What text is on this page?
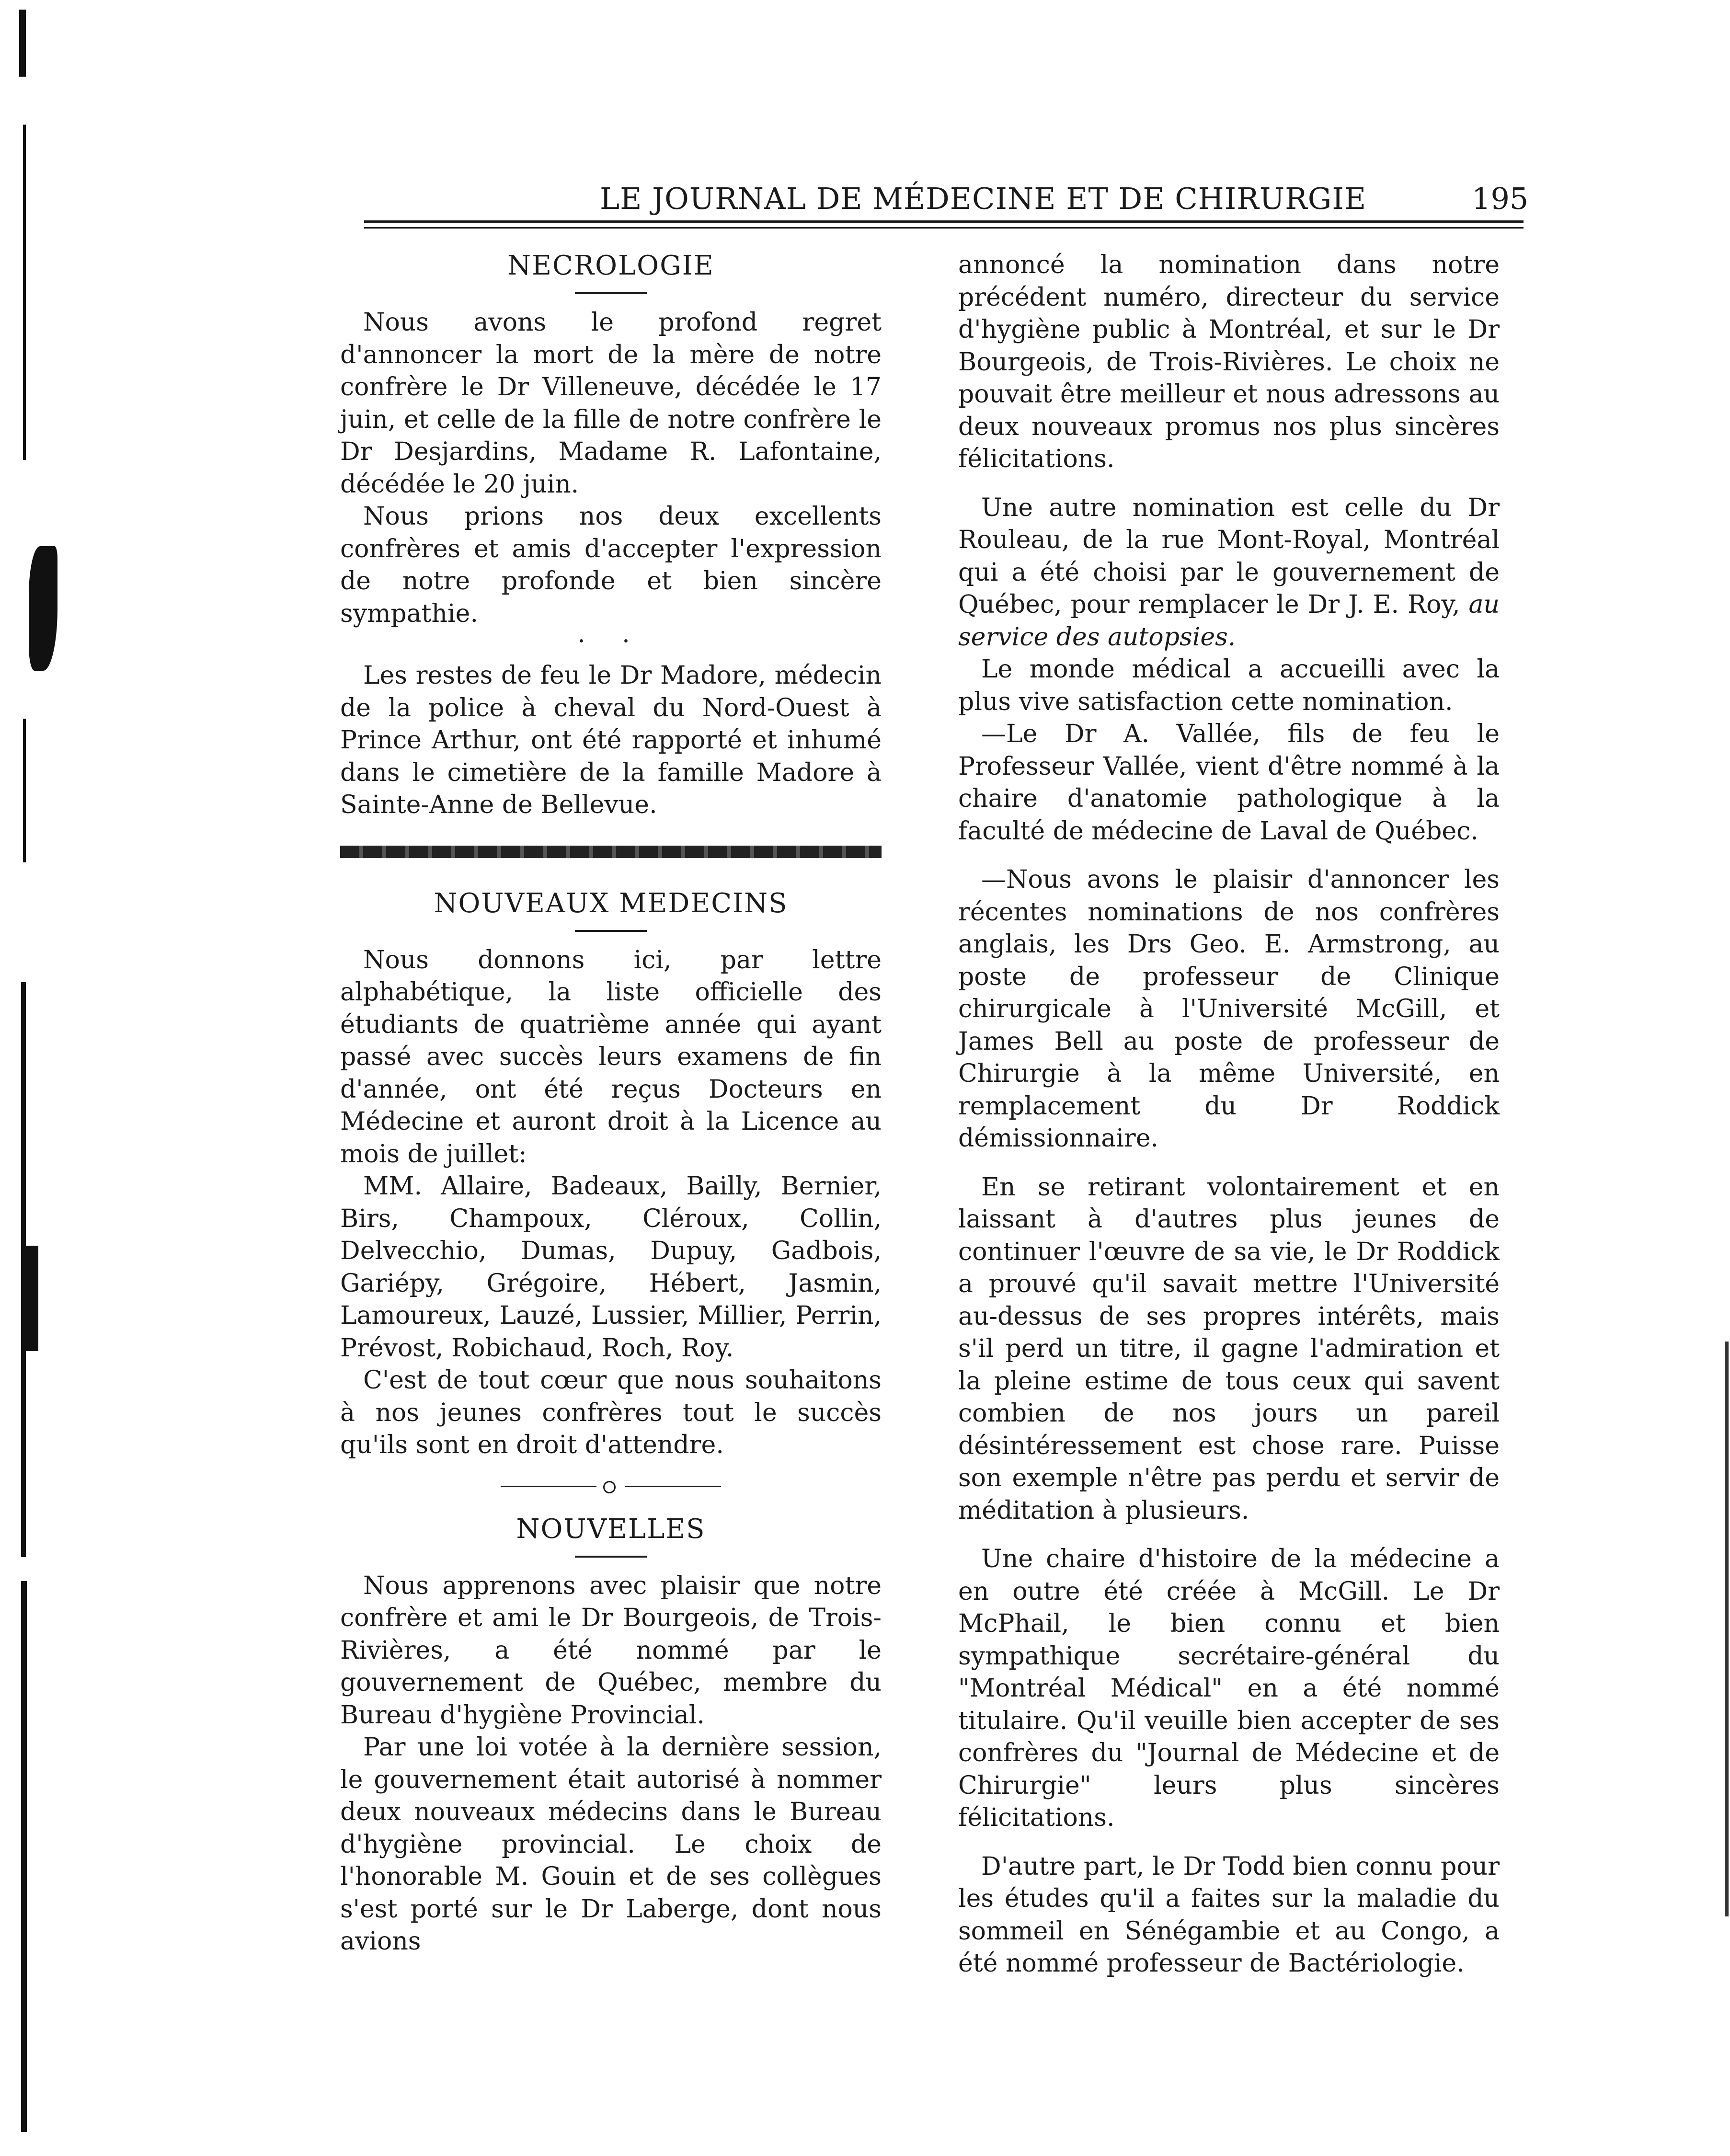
LE JOURNAL DE MÉDECINE ET DE CHIRURGIE	195

NECROLOGIE

Nous avons le profond regret d'annoncer la mort de la mère de notre confrère le Dr Villeneuve, décédée le 17 juin, et celle de la fille de notre confrère le Dr Desjardins, Madame R. Lafontaine, décédée le 20 juin.

Nous prions nos deux excellents confrères et amis d'accepter l'expression de notre profonde et bien sincère sympathie.

· ·

Les restes de feu le Dr Madore, médecin de la police à cheval du Nord-Ouest à Prince Arthur, ont été rapporté et inhumé dans le cimetière de la famille Madore à Sainte-Anne de Bellevue.

NOUVEAUX MEDECINS

Nous donnons ici, par lettre alphabétique, la liste officielle des étudiants de quatrième année qui ayant passé avec succès leurs examens de fin d'année, ont été reçus Docteurs en Médecine et auront droit à la Licence au mois de juillet:

MM. Allaire, Badeaux, Bailly, Bernier, Birs, Champoux, Cléroux, Collin, Delvecchio, Dumas, Dupuy, Gadbois, Gariépy, Grégoire, Hébert, Jasmin, Lamoureux, Lauzé, Lussier, Millier, Perrin, Prévost, Robichaud, Roch, Roy.

C'est de tout cœur que nous souhaitons à nos jeunes confrères tout le succès qu'ils sont en droit d'attendre.

NOUVELLES

Nous apprenons avec plaisir que notre confrère et ami le Dr Bourgeois, de Trois-Rivières, a été nommé par le gouvernement de Québec, membre du Bureau d'hygiène Provincial.

Par une loi votée à la dernière session, le gouvernement était autorisé à nommer deux nouveaux médecins dans le Bureau d'hygiène provincial. Le choix de l'honorable M. Gouin et de ses collègues s'est porté sur le Dr Laberge, dont nous avions

annoncé la nomination dans notre précédent numéro, directeur du service d'hygiène public à Montréal, et sur le Dr Bourgeois, de Trois-Rivières. Le choix ne pouvait être meilleur et nous adressons au deux nouveaux promus nos plus sincères félicitations.

Une autre nomination est celle du Dr Rouleau, de la rue Mont-Royal, Montréal qui a été choisi par le gouvernement de Québec, pour remplacer le Dr J. E. Roy, au service des autopsies.

Le monde médical a accueilli avec la plus vive satisfaction cette nomination.

—Le Dr A. Vallée, fils de feu le Professeur Vallée, vient d'être nommé à la chaire d'anatomie pathologique à la faculté de médecine de Laval de Québec.

—Nous avons le plaisir d'annoncer les récentes nominations de nos confrères anglais, les Drs Geo. E. Armstrong, au poste de professeur de Clinique chirurgicale à l'Université McGill, et James Bell au poste de professeur de Chirurgie à la même Université, en remplacement du Dr Roddick démissionnaire.

En se retirant volontairement et en laissant à d'autres plus jeunes de continuer l'œuvre de sa vie, le Dr Roddick a prouvé qu'il savait mettre l'Université au-dessus de ses propres intérêts, mais s'il perd un titre, il gagne l'admiration et la pleine estime de tous ceux qui savent combien de nos jours un pareil désintéressement est chose rare. Puisse son exemple n'être pas perdu et servir de méditation à plusieurs.

Une chaire d'histoire de la médecine a en outre été créée à McGill. Le Dr McPhail, le bien connu et bien sympathique secrétaire-général du "Montréal Médical" en a été nommé titulaire. Qu'il veuille bien accepter de ses confrères du "Journal de Médecine et de Chirurgie" leurs plus sincères félicitations.

D'autre part, le Dr Todd bien connu pour les études qu'il a faites sur la maladie du sommeil en Sénégambie et au Congo, a été nommé professeur de Bactériologie.
